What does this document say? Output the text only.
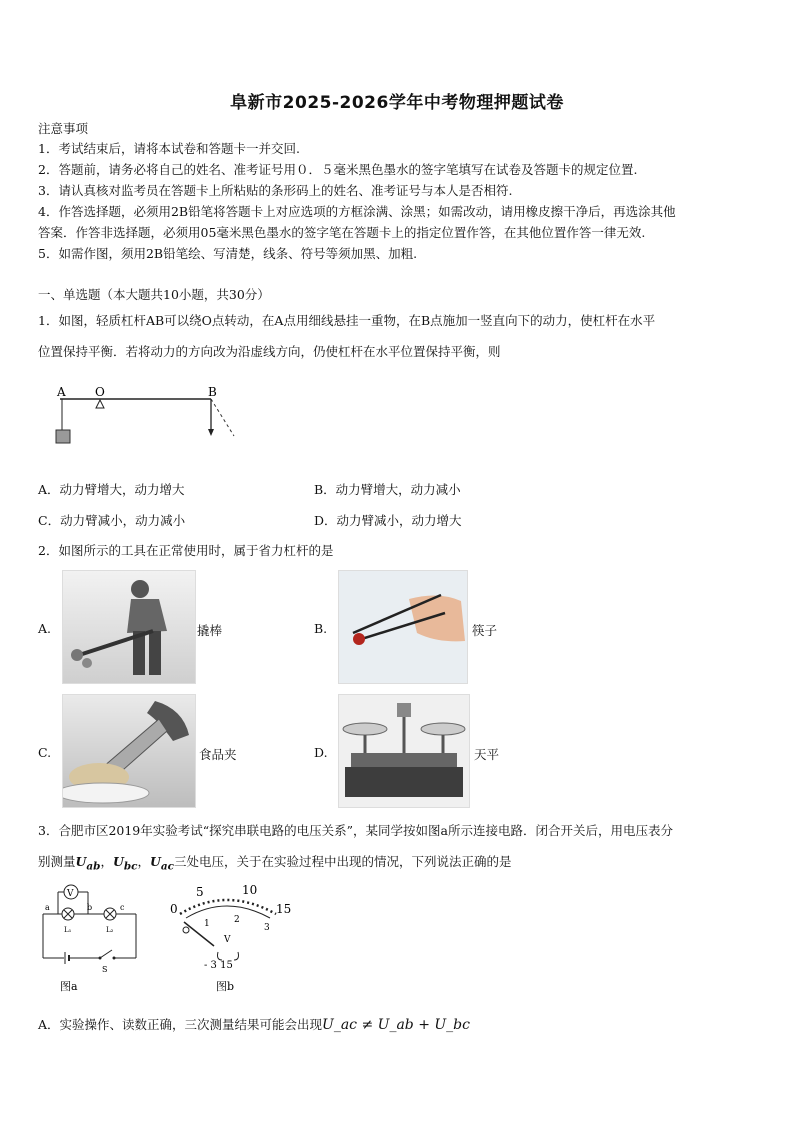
阜新市2025-2026学年中考物理押题试卷
注意事项
1．考试结束后，请将本试卷和答题卡一并交回.
2．答题前，请务必将自己的姓名、准考证号用０．５毫米黑色墨水的签字笔填写在试卷及答题卡的规定位置.
3．请认真核对监考员在答题卡上所粘贴的条形码上的姓名、准考证号与本人是否相符.
4．作答选择题，必须用2B铅笔将答题卡上对应选项的方框涂满、涂黑；如需改动，请用橡皮擦干净后，再选涂其他
答案．作答非选择题，必须用05毫米黑色墨水的签字笔在答题卡上的指定位置作答，在其他位置作答一律无效.
5．如需作图，须用2B铅笔绘、写清楚，线条、符号等须加黑、加粗.
一、单选题（本大题共10小题，共30分）
1．如图，轻质杠杆AB可以绕O点转动，在A点用细线悬挂一重物，在B点施加一竖直向下的动力，使杠杆在水平
位置保持平衡．若将动力的方向改为沿虚线方向，仍使杠杆在水平位置保持平衡，则
A O	B
A．动力臂增大，动力增大	B．动力臂增大，动力减小
C．动力臂减小，动力减小	D．动力臂减小，动力增大
2．如图所示的工具在正常使用时，属于省力杠杆的是
A.	撬棒	B.	筷子
C.	食品夹	D.	天平
3．合肥市区2019年实验考试“探究串联电路的电压关系”，某同学按如图a所示连接电路．闭合开关后，用电压表分
别测量$U_{ab}$，$U_{bc}$，$U_{ac}$三处电压，关于在实验过程中出现的情况，下列说法正确的是
V
a	b	c
L₁	L₂
S
图a
5	10
0	15
1	2
3
V
- 3 15
图b
A．实验操作、读数正确，三次测量结果可能会出现U_ac ≠ U_ab + U_bc
